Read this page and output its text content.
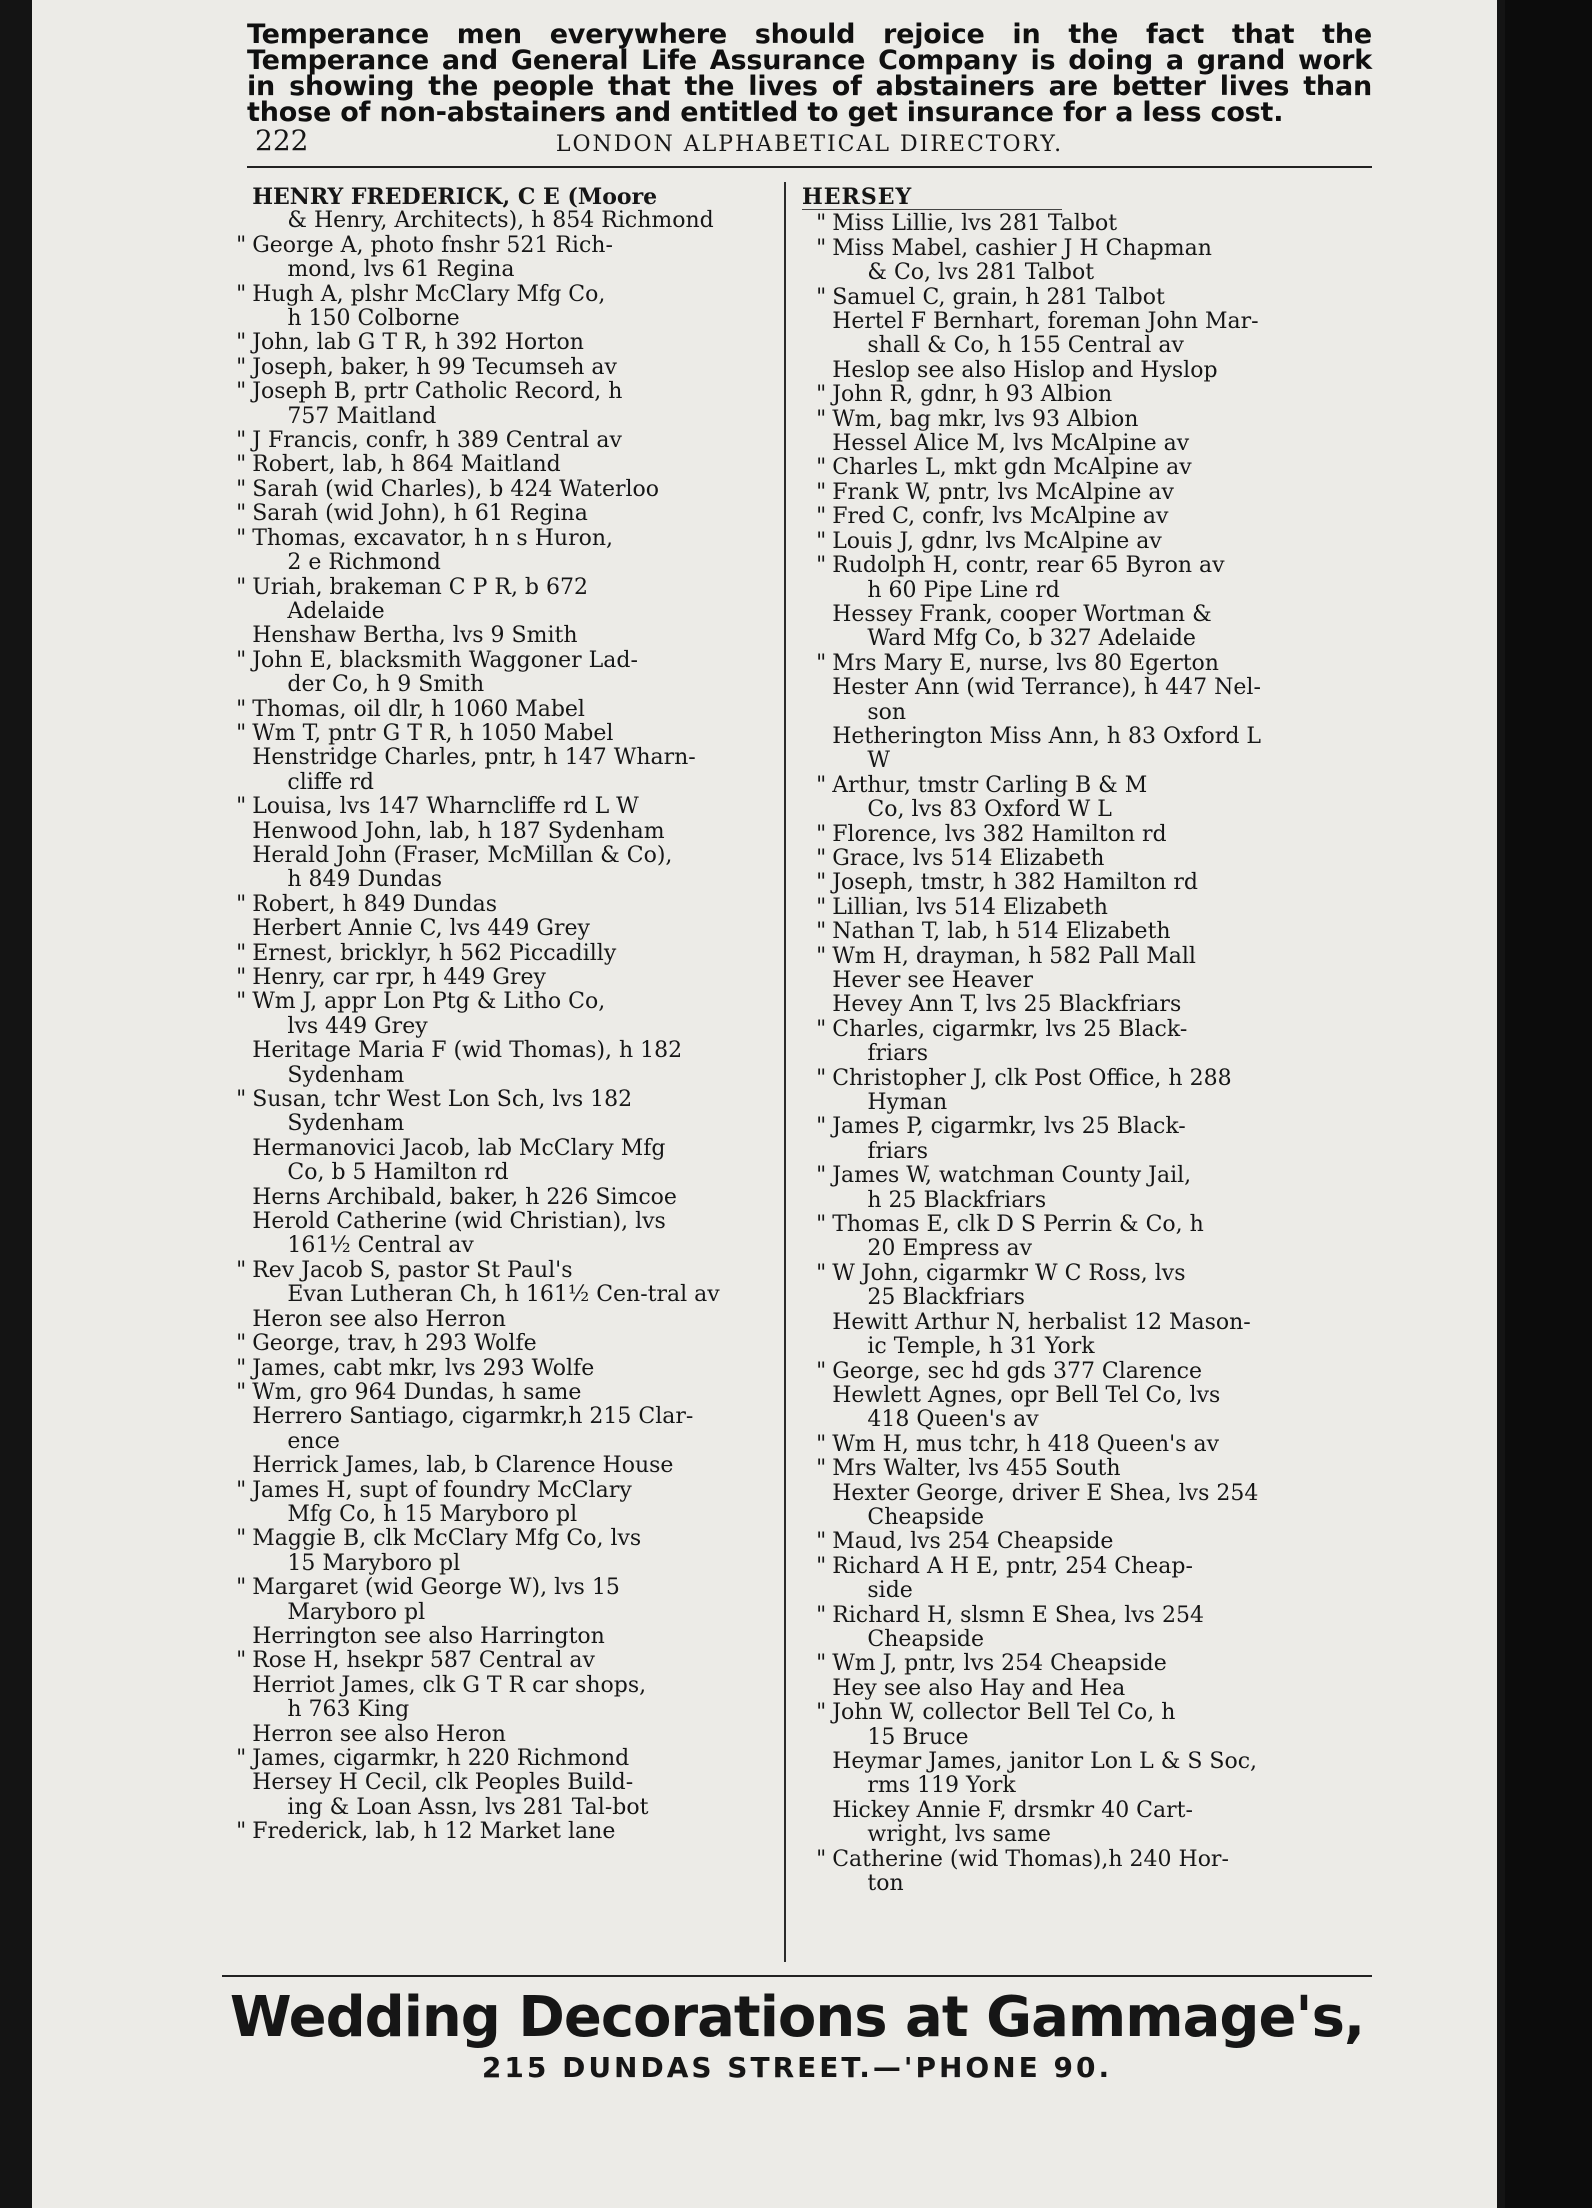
Temperance men everywhere should rejoice in the fact that the Temperance and General Life Assurance Company is doing a grand work in showing the people that the lives of abstainers are better lives than those of non-abstainers and entitled to get insurance for a less cost.
222	LONDON ALPHABETICAL DIRECTORY.
HENRY FREDERICK, C E (Moore
& Henry, Architects), h 854 Richmond
" George A, photo fnshr 521 Rich-
mond, lvs 61 Regina
" Hugh A, plshr McClary Mfg Co,
h 150 Colborne
" John, lab G T R, h 392 Horton
" Joseph, baker, h 99 Tecumseh av
" Joseph B, prtr Catholic Record, h
757 Maitland
" J Francis, confr, h 389 Central av
" Robert, lab, h 864 Maitland
" Sarah (wid Charles), b 424 Waterloo
" Sarah (wid John), h 61 Regina
" Thomas, excavator, h n s Huron,
2 e Richmond
" Uriah, brakeman C P R, b 672
Adelaide
Henshaw Bertha, lvs 9 Smith
" John E, blacksmith Waggoner Lad-
der Co, h 9 Smith
" Thomas, oil dlr, h 1060 Mabel
" Wm T, pntr G T R, h 1050 Mabel
Henstridge Charles, pntr, h 147 Wharn-
cliffe rd
" Louisa, lvs 147 Wharncliffe rd L W
Henwood John, lab, h 187 Sydenham
Herald John (Fraser, McMillan & Co),
h 849 Dundas
" Robert, h 849 Dundas
Herbert Annie C, lvs 449 Grey
" Ernest, bricklyr, h 562 Piccadilly
" Henry, car rpr, h 449 Grey
" Wm J, appr Lon Ptg & Litho Co,
lvs 449 Grey
Heritage Maria F (wid Thomas), h 182
Sydenham
" Susan, tchr West Lon Sch, lvs 182
Sydenham
Hermanovici Jacob, lab McClary Mfg
Co, b 5 Hamilton rd
Herns Archibald, baker, h 226 Simcoe
Herold Catherine (wid Christian), lvs
161½ Central av
" Rev Jacob S, pastor St Paul's
Evan Lutheran Ch, h 161½ Cen-tral av
Heron see also Herron
" George, trav, h 293 Wolfe
" James, cabt mkr, lvs 293 Wolfe
" Wm, gro 964 Dundas, h same
Herrero Santiago, cigarmkr,h 215 Clar-
ence
Herrick James, lab, b Clarence House
" James H, supt of foundry McClary
Mfg Co, h 15 Maryboro pl
" Maggie B, clk McClary Mfg Co, lvs
15 Maryboro pl
" Margaret (wid George W), lvs 15
Maryboro pl
Herrington see also Harrington
" Rose H, hsekpr 587 Central av
Herriot James, clk G T R car shops,
h 763 King
Herron see also Heron
" James, cigarmkr, h 220 Richmond
Hersey H Cecil, clk Peoples Build-
ing & Loan Assn, lvs 281 Tal-bot
" Frederick, lab, h 12 Market lane
HERSEY
" Miss Lillie, lvs 281 Talbot
" Miss Mabel, cashier J H Chapman
& Co, lvs 281 Talbot
" Samuel C, grain, h 281 Talbot
Hertel F Bernhart, foreman John Mar-
shall & Co, h 155 Central av
Heslop see also Hislop and Hyslop
" John R, gdnr, h 93 Albion
" Wm, bag mkr, lvs 93 Albion
Hessel Alice M, lvs McAlpine av
" Charles L, mkt gdn McAlpine av
" Frank W, pntr, lvs McAlpine av
" Fred C, confr, lvs McAlpine av
" Louis J, gdnr, lvs McAlpine av
" Rudolph H, contr, rear 65 Byron av
h 60 Pipe Line rd
Hessey Frank, cooper Wortman &
Ward Mfg Co, b 327 Adelaide
" Mrs Mary E, nurse, lvs 80 Egerton
Hester Ann (wid Terrance), h 447 Nel-
son
Hetherington Miss Ann, h 83 Oxford L
W
" Arthur, tmstr Carling B & M
Co, lvs 83 Oxford W L
" Florence, lvs 382 Hamilton rd
" Grace, lvs 514 Elizabeth
" Joseph, tmstr, h 382 Hamilton rd
" Lillian, lvs 514 Elizabeth
" Nathan T, lab, h 514 Elizabeth
" Wm H, drayman, h 582 Pall Mall
Hever see Heaver
Hevey Ann T, lvs 25 Blackfriars
" Charles, cigarmkr, lvs 25 Black-
friars
" Christopher J, clk Post Office, h 288
Hyman
" James P, cigarmkr, lvs 25 Black-
friars
" James W, watchman County Jail,
h 25 Blackfriars
" Thomas E, clk D S Perrin & Co, h
20 Empress av
" W John, cigarmkr W C Ross, lvs
25 Blackfriars
Hewitt Arthur N, herbalist 12 Mason-
ic Temple, h 31 York
" George, sec hd gds 377 Clarence
Hewlett Agnes, opr Bell Tel Co, lvs
418 Queen's av
" Wm H, mus tchr, h 418 Queen's av
" Mrs Walter, lvs 455 South
Hexter George, driver E Shea, lvs 254
Cheapside
" Maud, lvs 254 Cheapside
" Richard A H E, pntr, 254 Cheap-
side
" Richard H, slsmn E Shea, lvs 254
Cheapside
" Wm J, pntr, lvs 254 Cheapside
Hey see also Hay and Hea
" John W, collector Bell Tel Co, h
15 Bruce
Heymar James, janitor Lon L & S Soc,
rms 119 York
Hickey Annie F, drsmkr 40 Cart-
wright, lvs same
" Catherine (wid Thomas),h 240 Hor-
ton
Wedding Decorations at Gammage's,
215 DUNDAS STREET.—'PHONE 90.
